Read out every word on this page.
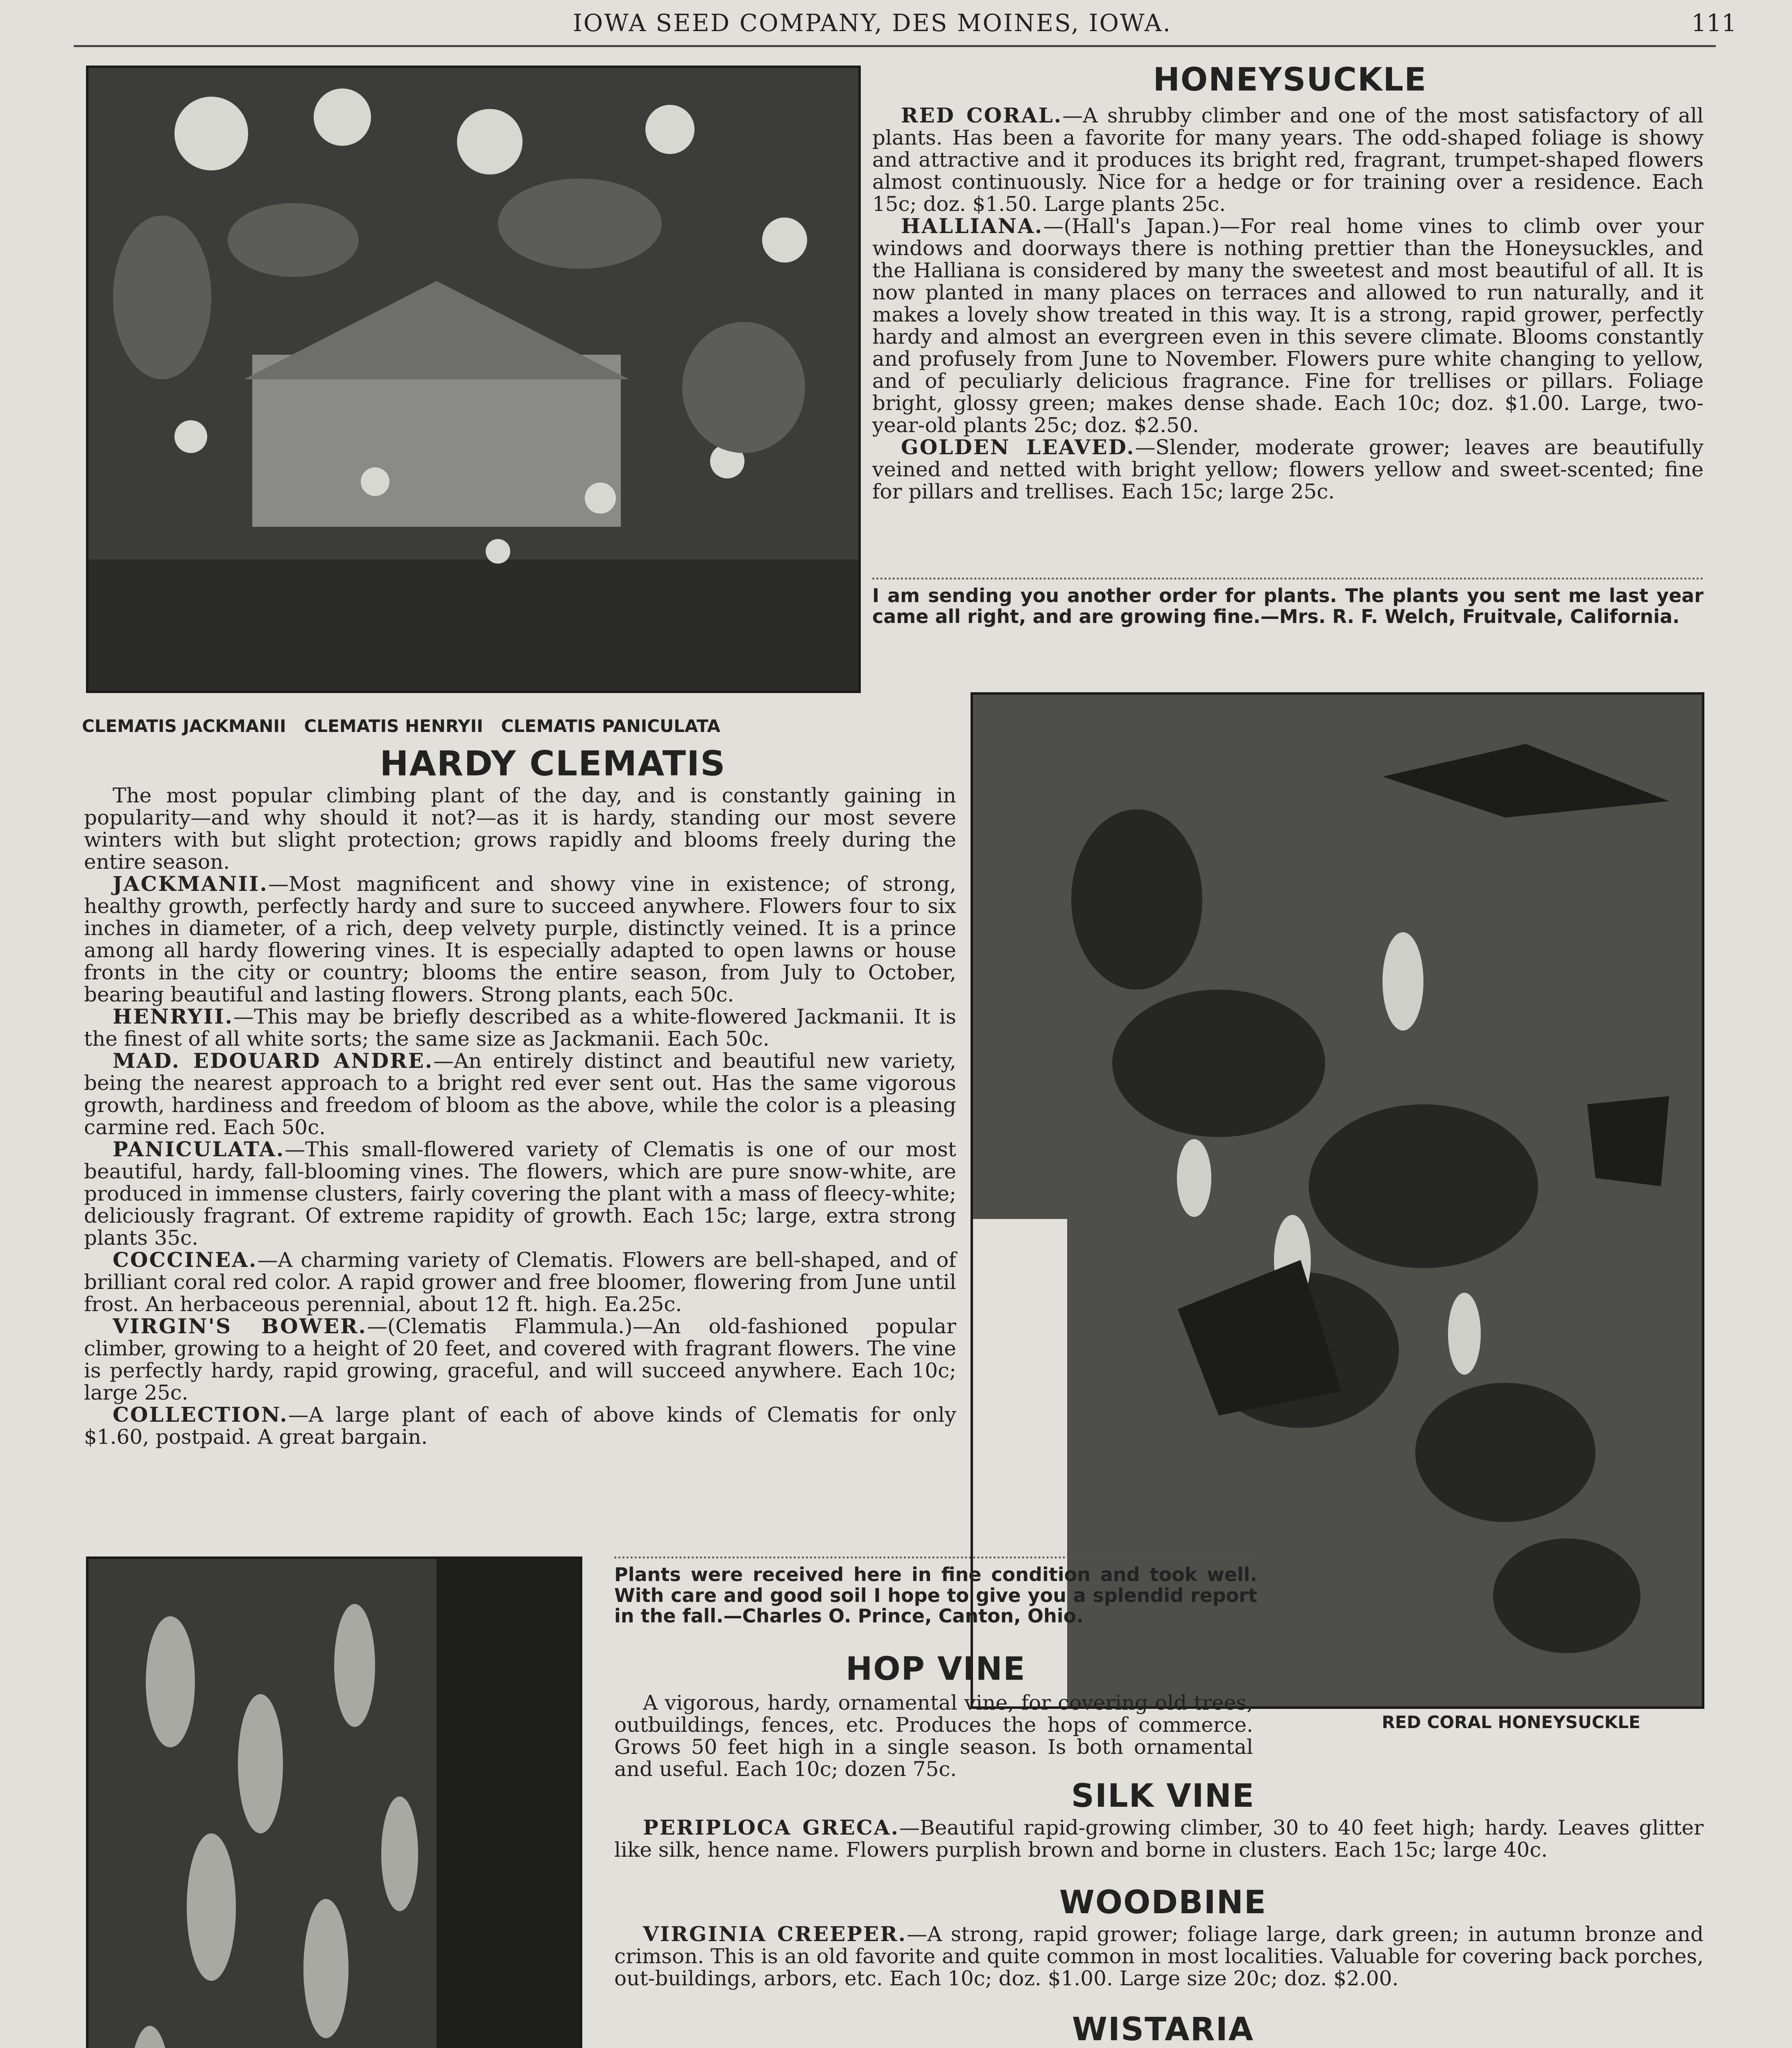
IOWA SEED COMPANY, DES MOINES, IOWA.	111
HONEYSUCKLE

RED CORAL.—A shrubby climber and one of the most satisfactory of all plants. Has been a favorite for many years. The odd-shaped foliage is showy and attractive and it produces its bright red, fragrant, trumpet-shaped flowers almost continuously. Nice for a hedge or for training over a residence. Each 15c; doz. $1.50. Large plants 25c.

HALLIANA.—(Hall's Japan.)—For real home vines to climb over your windows and doorways there is nothing prettier than the Honeysuckles, and the Halliana is considered by many the sweetest and most beautiful of all. It is now planted in many places on terraces and allowed to run naturally, and it makes a lovely show treated in this way. It is a strong, rapid grower, perfectly hardy and almost an evergreen even in this severe climate. Blooms constantly and profusely from June to November. Flowers pure white changing to yellow, and of peculiarly delicious fragrance. Fine for trellises or pillars. Foliage bright, glossy green; makes dense shade. Each 10c; doz. $1.00. Large, two-year-old plants 25c; doz. $2.50.

GOLDEN LEAVED.—Slender, moderate grower; leaves are beautifully veined and netted with bright yellow; flowers yellow and sweet-scented; fine for pillars and trellises. Each 15c; large 25c.

I am sending you another order for plants. The plants you sent me last year came all right, and are growing fine.—Mrs. R. F. Welch, Fruitvale, California.
CLEMATIS JACKMANII   CLEMATIS HENRYII   CLEMATIS PANICULATA
HARDY CLEMATIS

The most popular climbing plant of the day, and is constantly gaining in popularity—and why should it not?—as it is hardy, standing our most severe winters with but slight protection; grows rapidly and blooms freely during the entire season.

JACKMANII.—Most magnificent and showy vine in existence; of strong, healthy growth, perfectly hardy and sure to succeed anywhere. Flowers four to six inches in diameter, of a rich, deep velvety purple, distinctly veined. It is a prince among all hardy flowering vines. It is especially adapted to open lawns or house fronts in the city or country; blooms the entire season, from July to October, bearing beautiful and lasting flowers. Strong plants, each 50c.

HENRYII.—This may be briefly described as a white-flowered Jackmanii. It is the finest of all white sorts; the same size as Jackmanii. Each 50c.

MAD. EDOUARD ANDRE.—An entirely distinct and beautiful new variety, being the nearest approach to a bright red ever sent out. Has the same vigorous growth, hardiness and freedom of bloom as the above, while the color is a pleasing carmine red. Each 50c.

PANICULATA.—This small-flowered variety of Clematis is one of our most beautiful, hardy, fall-blooming vines. The flowers, which are pure snow-white, are produced in immense clusters, fairly covering the plant with a mass of fleecy-white; deliciously fragrant. Of extreme rapidity of growth. Each 15c; large, extra strong plants 35c.

COCCINEA.—A charming variety of Clematis. Flowers are bell-shaped, and of brilliant coral red color. A rapid grower and free bloomer, flowering from June until frost. An herbaceous perennial, about 12 ft. high. Ea.25c.

VIRGIN'S BOWER.—(Clematis Flammula.)—An old-fashioned popular climber, growing to a height of 20 feet, and covered with fragrant flowers. The vine is perfectly hardy, rapid growing, graceful, and will succeed anywhere. Each 10c; large 25c.

COLLECTION.—A large plant of each of above kinds of Clematis for only $1.60, postpaid. A great bargain.

Plants were received here in fine condition and took well. With care and good soil I hope to give you a splendid report in the fall.—Charles O. Prince, Canton, Ohio.
HOP VINE

A vigorous, hardy, ornamental vine, for covering old trees, outbuildings, fences, etc. Produces the hops of commerce. Grows 50 feet high in a single season. Is both ornamental and useful. Each 10c; dozen 75c.

RED CORAL HONEYSUCKLE
SILK VINE

PERIPLOCA GRECA.—Beautiful rapid-growing climber, 30 to 40 feet high; hardy. Leaves glitter like silk, hence name. Flowers purplish brown and borne in clusters. Each 15c; large 40c.

WOODBINE

VIRGINIA CREEPER.—A strong, rapid grower; foliage large, dark green; in autumn bronze and crimson. This is an old favorite and quite common in most localities. Valuable for covering back porches, out-buildings, arbors, etc. Each 10c; doz. $1.00. Large size 20c; doz. $2.00.

WISTARIA
